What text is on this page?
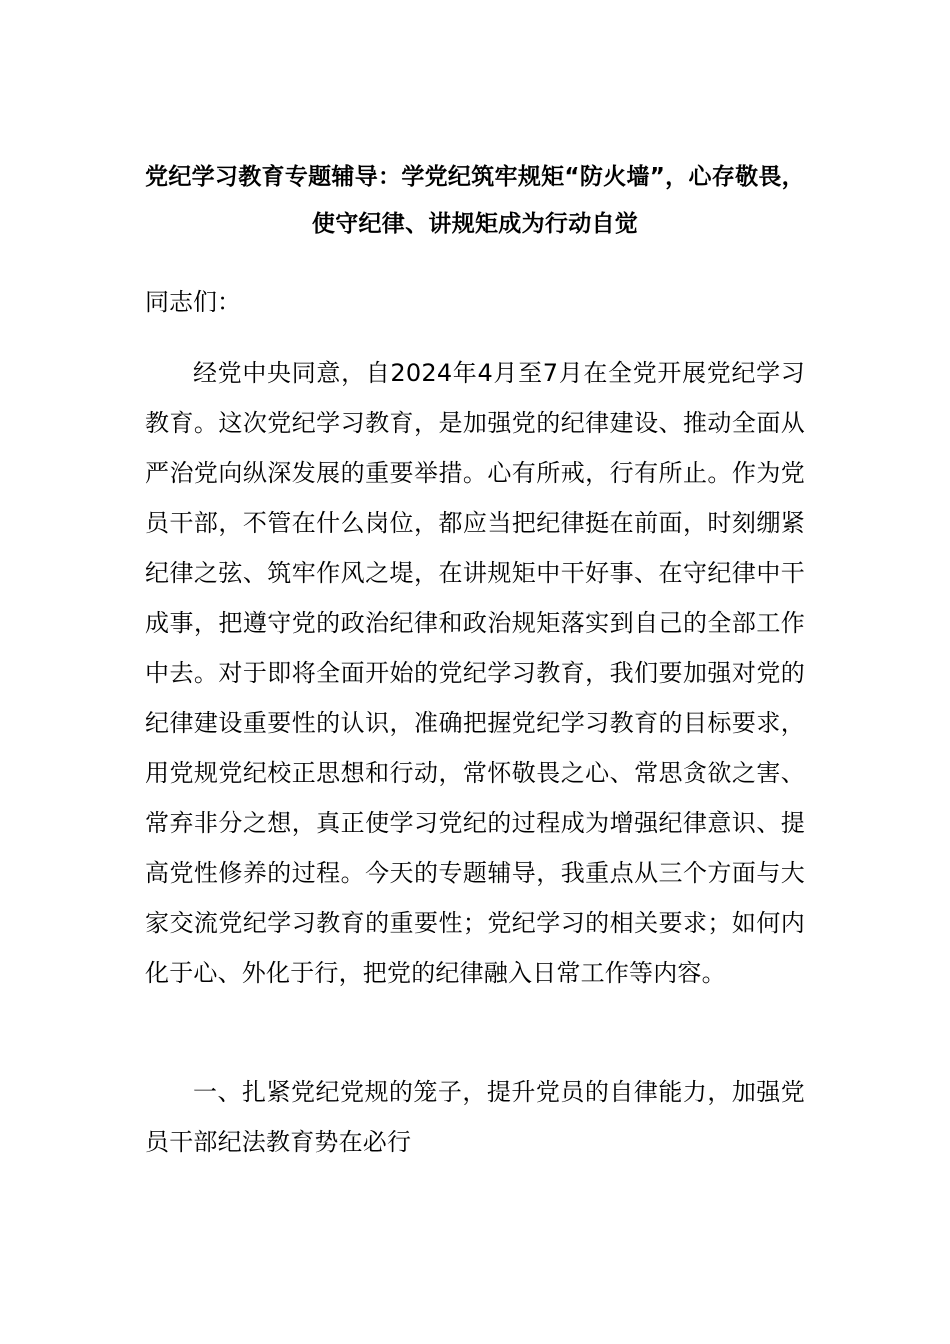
党纪学习教育专题辅导：学党纪筑牢规矩“防火墙”，心存敬畏，使守纪律、讲规矩成为行动自觉

同志们：

经党中央同意，自2024年4月至7月在全党开展党纪学习教育。这次党纪学习教育，是加强党的纪律建设、推动全面从严治党向纵深发展的重要举措。心有所戒，行有所止。作为党员干部，不管在什么岗位，都应当把纪律挺在前面，时刻绷紧纪律之弦、筑牢作风之堤，在讲规矩中干好事、在守纪律中干成事，把遵守党的政治纪律和政治规矩落实到自己的全部工作中去。对于即将全面开始的党纪学习教育，我们要加强对党的纪律建设重要性的认识，准确把握党纪学习教育的目标要求，用党规党纪校正思想和行动，常怀敬畏之心、常思贪欲之害、常弃非分之想，真正使学习党纪的过程成为增强纪律意识、提高党性修养的过程。今天的专题辅导，我重点从三个方面与大家交流党纪学习教育的重要性；党纪学习的相关要求；如何内化于心、外化于行，把党的纪律融入日常工作等内容。

一、扎紧党纪党规的笼子，提升党员的自律能力，加强党员干部纪法教育势在必行
